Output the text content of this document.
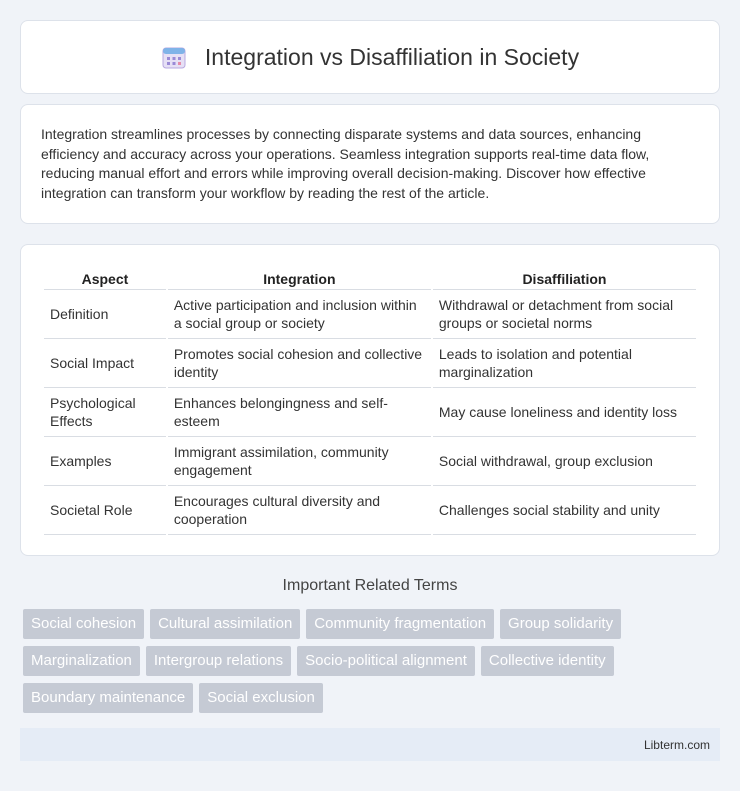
Integration vs Disaffiliation in Society

Integration streamlines processes by connecting disparate systems and data sources, enhancing efficiency and accuracy across your operations. Seamless integration supports real-time data flow, reducing manual effort and errors while improving overall decision-making. Discover how effective integration can transform your workflow by reading the rest of the article.

Aspect	Integration	Disaffiliation
Definition	Active participation and inclusion within a social group or society	Withdrawal or detachment from social groups or societal norms
Social Impact	Promotes social cohesion and collective identity	Leads to isolation and potential marginalization
Psychological Effects	Enhances belongingness and self-esteem	May cause loneliness and identity loss
Examples	Immigrant assimilation, community engagement	Social withdrawal, group exclusion
Societal Role	Encourages cultural diversity and cooperation	Challenges social stability and unity
Important Related Terms
Social cohesion	Cultural assimilation	Community fragmentation	Group solidarity
Marginalization	Intergroup relations	Socio-political alignment	Collective identity
Boundary maintenance	Social exclusion
Libterm.com
